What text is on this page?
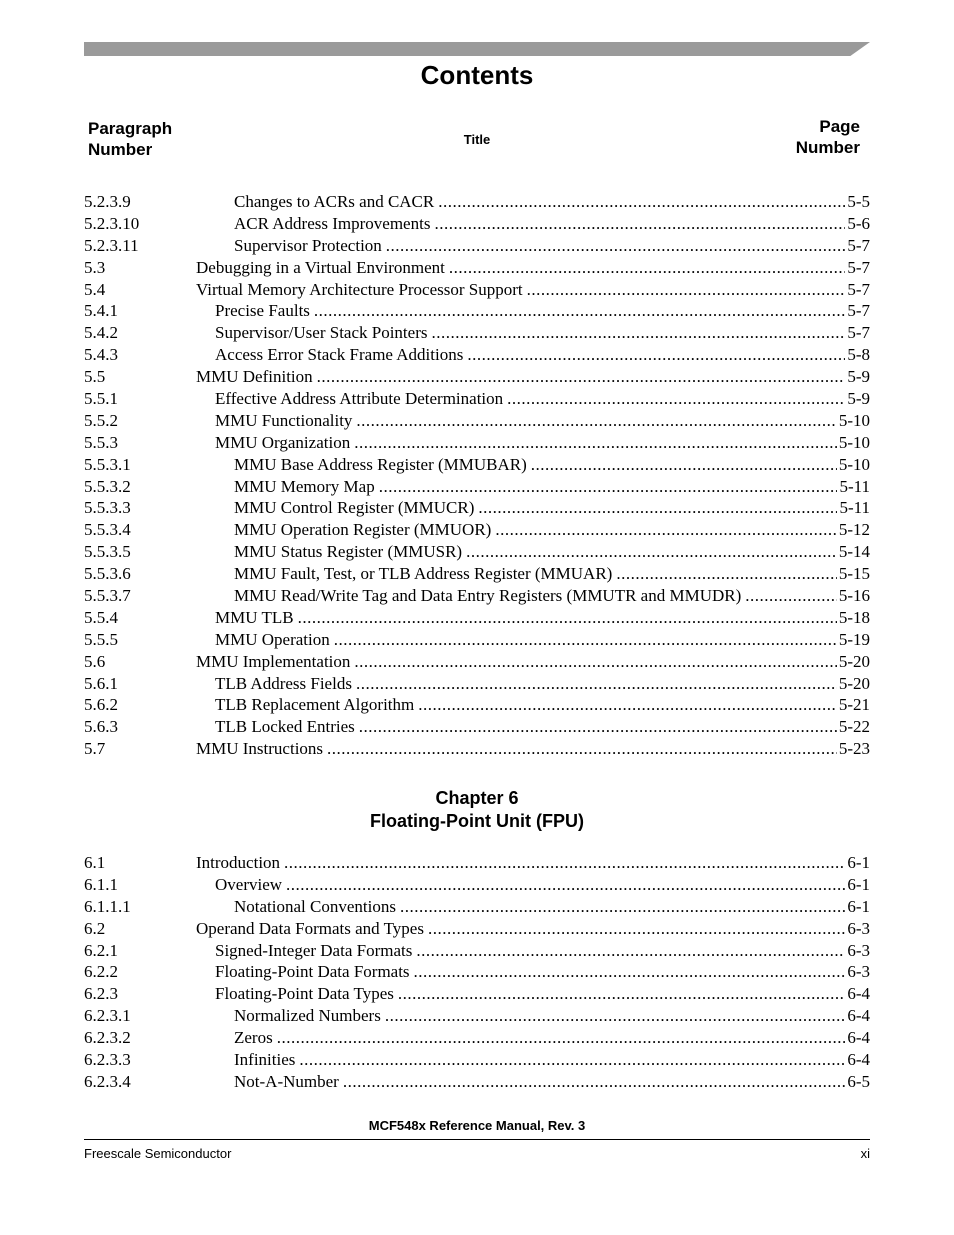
Contents
Paragraph
Number
Title
Page
Number
5.2.3.9	Changes to ACRs and CACR .....	5-5
5.2.3.10	ACR Address Improvements .....	5-6
5.2.3.11	Supervisor Protection .....	5-7
5.3	Debugging in a Virtual Environment .....	5-7
5.4	Virtual Memory Architecture Processor Support .....	5-7
5.4.1	Precise Faults .....	5-7
5.4.2	Supervisor/User Stack Pointers .....	5-7
5.4.3	Access Error Stack Frame Additions .....	5-8
5.5	MMU Definition .....	5-9
5.5.1	Effective Address Attribute Determination .....	5-9
5.5.2	MMU Functionality .....	5-10
5.5.3	MMU Organization .....	5-10
5.5.3.1	MMU Base Address Register (MMUBAR) .....	5-10
5.5.3.2	MMU Memory Map .....	5-11
5.5.3.3	MMU Control Register (MMUCR) .....	5-11
5.5.3.4	MMU Operation Register (MMUOR) .....	5-12
5.5.3.5	MMU Status Register (MMUSR) .....	5-14
5.5.3.6	MMU Fault, Test, or TLB Address Register (MMUAR) .....	5-15
5.5.3.7	MMU Read/Write Tag and Data Entry Registers (MMUTR and MMUDR) .....	5-16
5.5.4	MMU TLB .....	5-18
5.5.5	MMU Operation .....	5-19
5.6	MMU Implementation .....	5-20
5.6.1	TLB Address Fields .....	5-20
5.6.2	TLB Replacement Algorithm .....	5-21
5.6.3	TLB Locked Entries .....	5-22
5.7	MMU Instructions .....	5-23
Chapter 6
Floating-Point Unit (FPU)
6.1	Introduction .....	6-1
6.1.1	Overview .....	6-1
6.1.1.1	Notational Conventions .....	6-1
6.2	Operand Data Formats and Types .....	6-3
6.2.1	Signed-Integer Data Formats .....	6-3
6.2.2	Floating-Point Data Formats .....	6-3
6.2.3	Floating-Point Data Types .....	6-4
6.2.3.1	Normalized Numbers .....	6-4
6.2.3.2	Zeros .....	6-4
6.2.3.3	Infinities .....	6-4
6.2.3.4	Not-A-Number .....	6-5
MCF548x Reference Manual, Rev. 3
Freescale Semiconductor	xi
